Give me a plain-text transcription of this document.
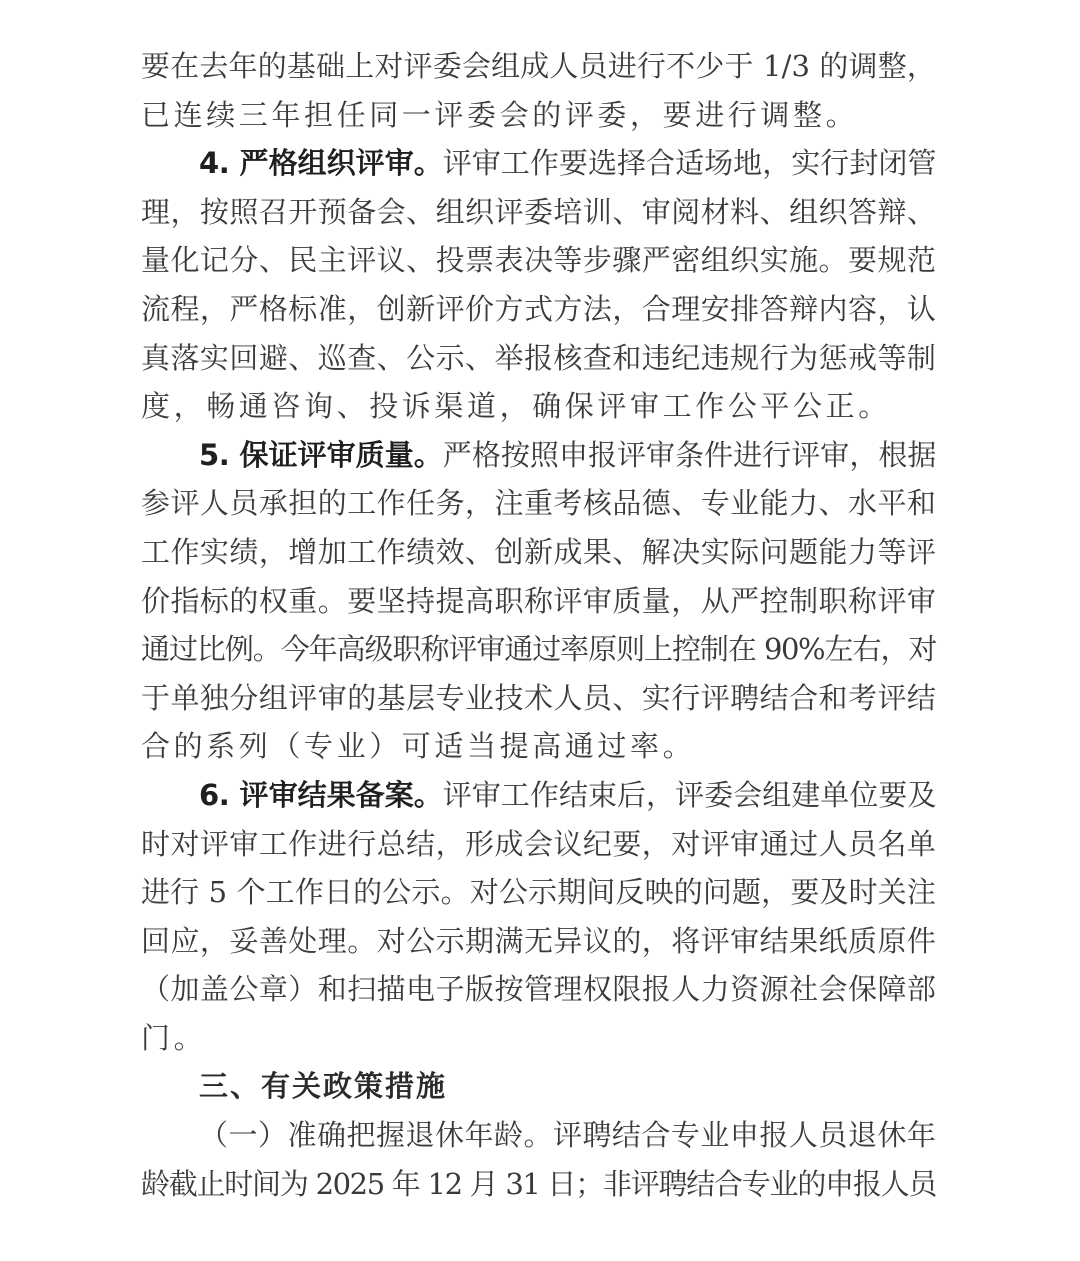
要在去年的基础上对评委会组成人员进行不少于 1/3 的调整，
已连续三年担任同一评委会的评委，要进行调整。
4. 严格组织评审。评审工作要选择合适场地，实行封闭管
理，按照召开预备会、组织评委培训、审阅材料、组织答辩、
量化记分、民主评议、投票表决等步骤严密组织实施。要规范
流程，严格标准，创新评价方式方法，合理安排答辩内容，认
真落实回避、巡查、公示、举报核查和违纪违规行为惩戒等制
度，畅通咨询、投诉渠道，确保评审工作公平公正。
5. 保证评审质量。严格按照申报评审条件进行评审，根据
参评人员承担的工作任务，注重考核品德、专业能力、水平和
工作实绩，增加工作绩效、创新成果、解决实际问题能力等评
价指标的权重。要坚持提高职称评审质量，从严控制职称评审
通过比例。今年高级职称评审通过率原则上控制在 90%左右，对
于单独分组评审的基层专业技术人员、实行评聘结合和考评结
合的系列（专业）可适当提高通过率。
6. 评审结果备案。评审工作结束后，评委会组建单位要及
时对评审工作进行总结，形成会议纪要，对评审通过人员名单
进行 5 个工作日的公示。对公示期间反映的问题，要及时关注
回应，妥善处理。对公示期满无异议的，将评审结果纸质原件
（加盖公章）和扫描电子版按管理权限报人力资源社会保障部
门。
三、有关政策措施
（一）准确把握退休年龄。评聘结合专业申报人员退休年
龄截止时间为 2025 年 12 月 31 日；非评聘结合专业的申报人员
